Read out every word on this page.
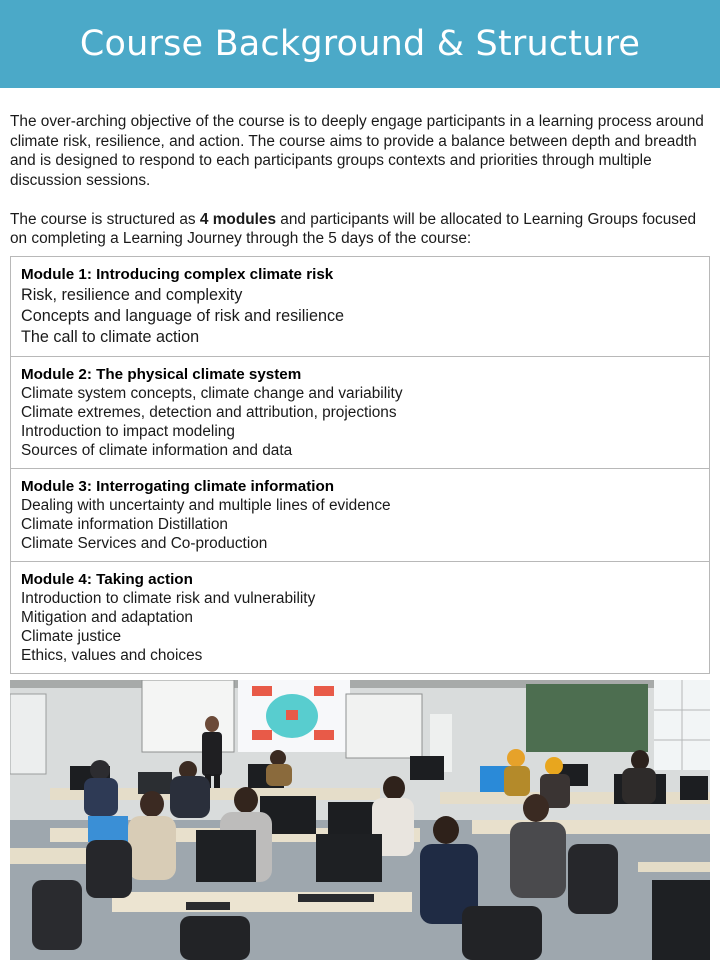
Course Background & Structure

The over-arching objective of the course is to deeply engage participants in a learning process around climate risk, resilience, and action. The course aims to provide a balance between depth and breadth and is designed to respond to each participants groups contexts and priorities through multiple discussion sessions.

The course is structured as 4 modules and participants will be allocated to Learning Groups focused on completing a Learning Journey through the 5 days of the course:

Module 1: Introducing complex climate risk
Risk, resilience and complexity
Concepts and language of risk and resilience
The call to climate action
Module 2: The physical climate system
Climate system concepts, climate change and variability
Climate extremes, detection and attribution, projections
Introduction to impact modeling
Sources of climate information and data
Module 3: Interrogating climate information
Dealing with uncertainty and multiple lines of evidence
Climate information Distillation
Climate Services and Co-production
Module 4: Taking action
Introduction to climate risk and vulnerability
Mitigation and adaptation
Climate justice
Ethics, values and choices
